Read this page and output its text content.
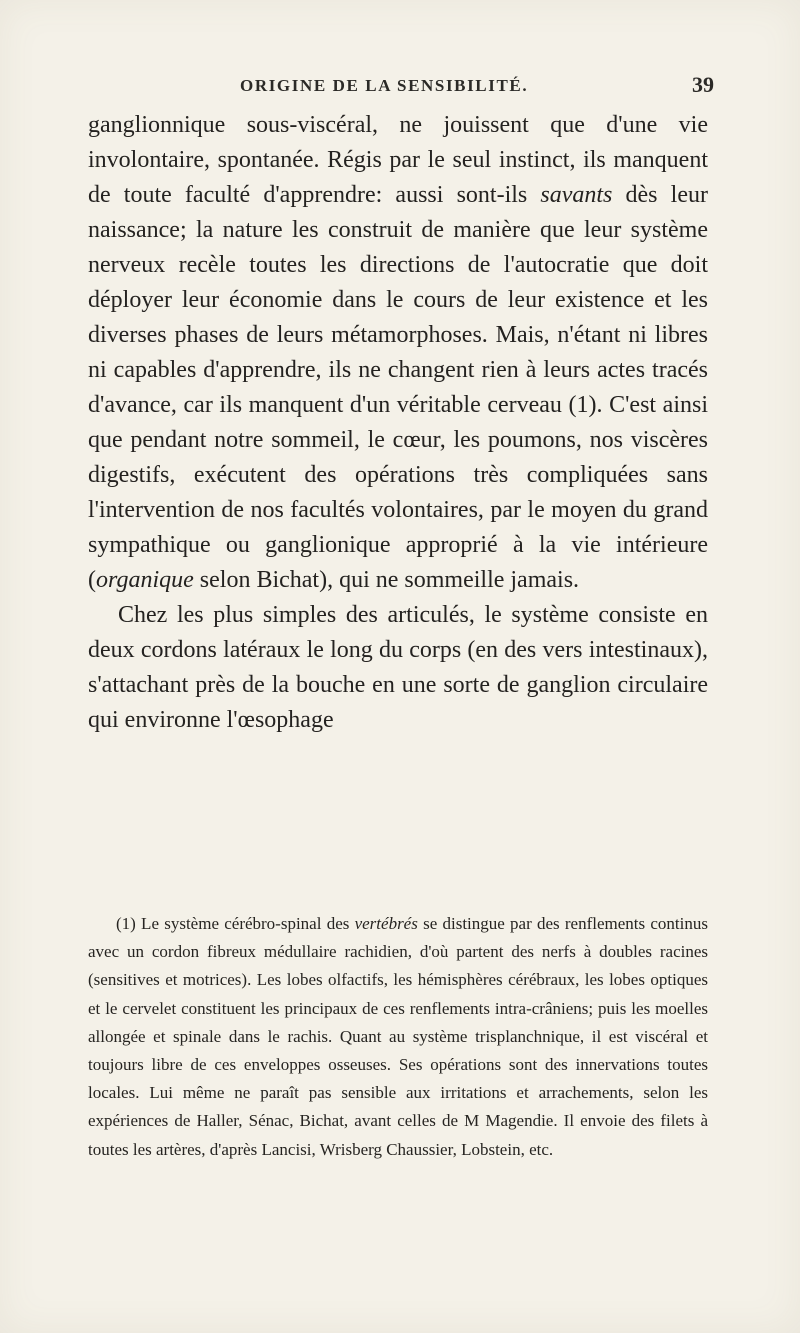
ORIGINE DE LA SENSIBILITÉ.	39

ganglionnique sous-viscéral, ne jouissent que d'une vie involontaire, spontanée. Régis par le seul instinct, ils manquent de toute faculté d'apprendre: aussi sont-ils savants dès leur naissance; la nature les construit de manière que leur système nerveux recèle toutes les directions de l'autocratie que doit déployer leur économie dans le cours de leur existence et les diverses phases de leurs métamorphoses. Mais, n'étant ni libres ni capables d'apprendre, ils ne changent rien à leurs actes tracés d'avance, car ils manquent d'un véritable cerveau (1). C'est ainsi que pendant notre sommeil, le cœur, les poumons, nos viscères digestifs, exécutent des opérations très compliquées sans l'intervention de nos facultés volontaires, par le moyen du grand sympathique ou ganglionique approprié à la vie intérieure (organique selon Bichat), qui ne sommeille jamais.

Chez les plus simples des articulés, le système consiste en deux cordons latéraux le long du corps (en des vers intestinaux), s'attachant près de la bouche en une sorte de ganglion circulaire qui environne l'œsophage

(1) Le système cérébro-spinal des vertébrés se distingue par des renflements continus avec un cordon fibreux médullaire rachidien, d'où partent des nerfs à doubles racines (sensitives et motrices). Les lobes olfactifs, les hémisphères cérébraux, les lobes optiques et le cervelet constituent les principaux de ces renflements intra-crâniens; puis les moelles allongée et spinale dans le rachis. Quant au système trisplanchnique, il est viscéral et toujours libre de ces enveloppes osseuses. Ses opérations sont des innervations toutes locales. Lui même ne paraît pas sensible aux irritations et arrachements, selon les expériences de Haller, Sénac, Bichat, avant celles de M Magendie. Il envoie des filets à toutes les artères, d'après Lancisi, Wrisberg Chaussier, Lobstein, etc.
